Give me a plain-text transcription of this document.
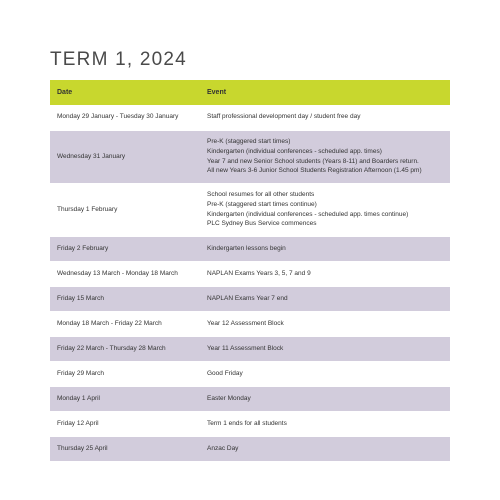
TERM 1, 2024
Date	Event
Monday 29 January - Tuesday 30 January	Staff professional development day / student free day

Wednesday 31 January	Pre-K (staggered start times)
Kindergarten (individual conferences - scheduled app. times)
Year 7 and new Senior School students (Years 8-11) and Boarders return.
All new Years 3-6 Junior School Students Registration Afternoon (1.45 pm)

Thursday 1 February	School resumes for all other students
Pre-K (staggered start times continue)
Kindergarten (individual conferences - scheduled app. times continue)
PLC Sydney Bus Service commences

Friday 2 February	Kindergarten lessons begin

Wednesday 13 March - Monday 18 March	NAPLAN Exams Years 3, 5, 7 and 9

Friday 15 March	NAPLAN Exams Year 7 end

Monday 18 March - Friday 22 March	Year 12 Assessment Block

Friday 22 March - Thursday 28 March	Year 11 Assessment Block

Friday 29 March	Good Friday

Monday 1 April	Easter Monday

Friday 12 April	Term 1 ends for all students

Thursday 25 April	Anzac Day
